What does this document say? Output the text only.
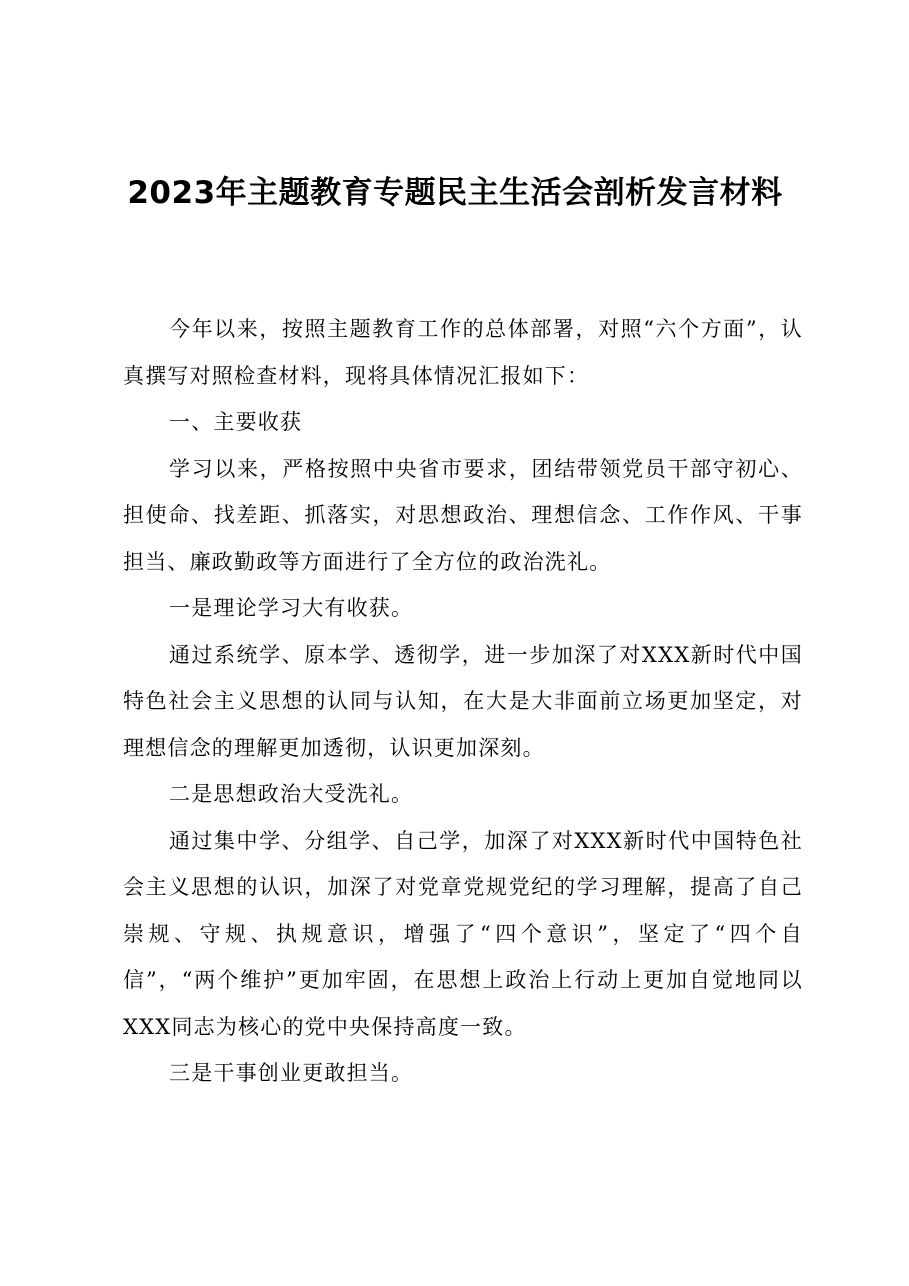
2023年主题教育专题民主生活会剖析发言材料

今年以来，按照主题教育工作的总体部署，对照“六个方面”，认真撰写对照检查材料，现将具体情况汇报如下：

一、主要收获

学习以来，严格按照中央省市要求，团结带领党员干部守初心、担使命、找差距、抓落实，对思想政治、理想信念、工作作风、干事担当、廉政勤政等方面进行了全方位的政治洗礼。

一是理论学习大有收获。

通过系统学、原本学、透彻学，进一步加深了对XXX新时代中国特色社会主义思想的认同与认知，在大是大非面前立场更加坚定，对理想信念的理解更加透彻，认识更加深刻。

二是思想政治大受洗礼。

通过集中学、分组学、自己学，加深了对XXX新时代中国特色社会主义思想的认识，加深了对党章党规党纪的学习理解，提高了自己崇规、守规、执规意识，增强了“四个意识”，坚定了“四个自信”，“两个维护”更加牢固，在思想上政治上行动上更加自觉地同以XXX同志为核心的党中央保持高度一致。

三是干事创业更敢担当。
